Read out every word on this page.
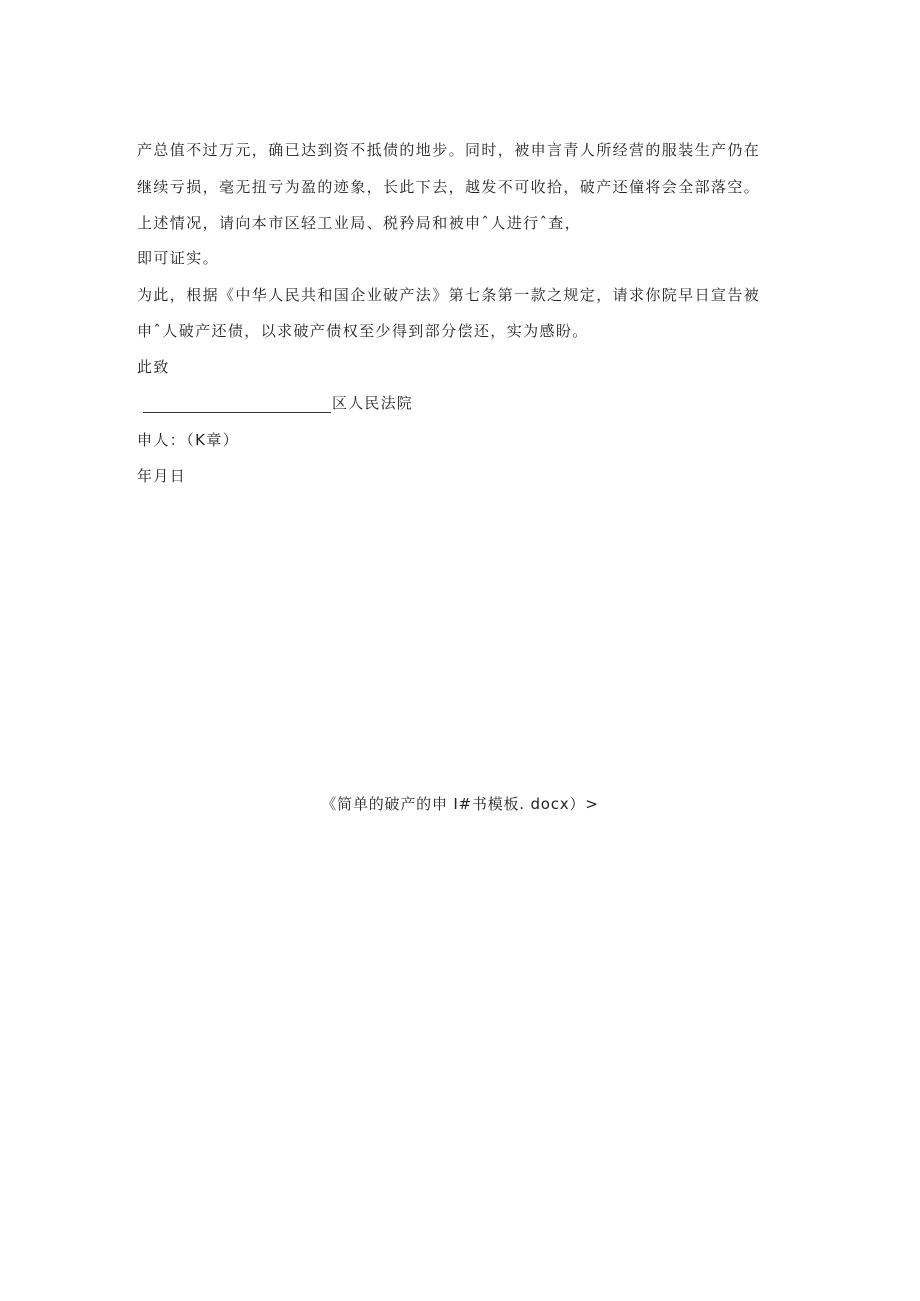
产总值不过万元，确已达到资不抵债的地步。同时，被申言青人所经营的服装生产仍在
继续亏损，毫无扭亏为盈的迹象，长此下去，越发不可收拾，破产还僮将会全部落空。
上述情况，请向本市区轻工业局、税矜局和被申ˆ人进行ˆ查，
即可证实。
为此，根据《中华人民共和国企业破产法》第七条第一款之规定，请求你院早日宣告被
申ˆ人破产还债，以求破产债权至少得到部分偿还，实为感盼。
此致
区人民法院
申人：（K章）
年月日
《简单的破产的申 I#书模板. docx）>
